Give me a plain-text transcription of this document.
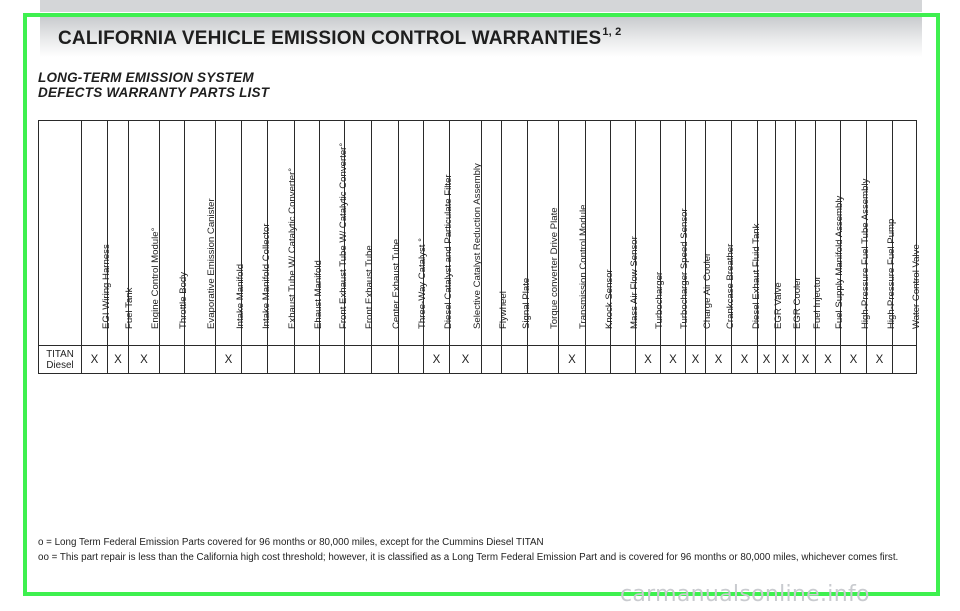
CALIFORNIA VEHICLE EMISSION CONTROL WARRANTIES$^{1, 2}$
LONG-TERM EMISSION SYSTEM
DEFECTS WARRANTY PARTS LIST

	EGI Wiring Harness	Fuel Tank	Engine Control Module°	Throttle Body	Evaporative Emission Canister	Intake Manifold	Intake Manifold Collector	Exhaust Tube W/ Catalytic Converter°	Ehaust Manifold	Front Exhaust Tube W/ Catalytic Converter°	Front Exhaust Tube	Center Exhaust Tube	Three-Way Catalyst °	Diesel Catalyst and Particulate Filter	Selective Catalyst Reduction Assembly	Flywheel	Signal Plate	Torque converter Drive Plate	Transmission Control Module	Knock Sensor	Mass Air Flow Sensor	Turbocharger	Turbocharger Speed Sensor	Charge Air Cooler	Crankcase Breather	Diesel Exhaut Fluid Tank	EGR Valve	EGR Cooler	Fuel Injector	Fuel Supply Manifold Assembly	High-Pressure Fuel Tube Assembly	High-Pressure Fuel Pump	Water Control Valve

TITAN
Diesel	X	X	X			X								X	X				X			X	X	X	X	X	X	X	X	X	X	X	

o = Long Term Federal Emission Parts covered for 96 months or 80,000 miles, except for the Cummins Diesel TITAN

oo = This part repair is less than the California high cost threshold; however, it is classified as a Long Term Federal Emission Part and is covered for 96 months or 80,000 miles, whichever comes first.

carmanualsonline.info
